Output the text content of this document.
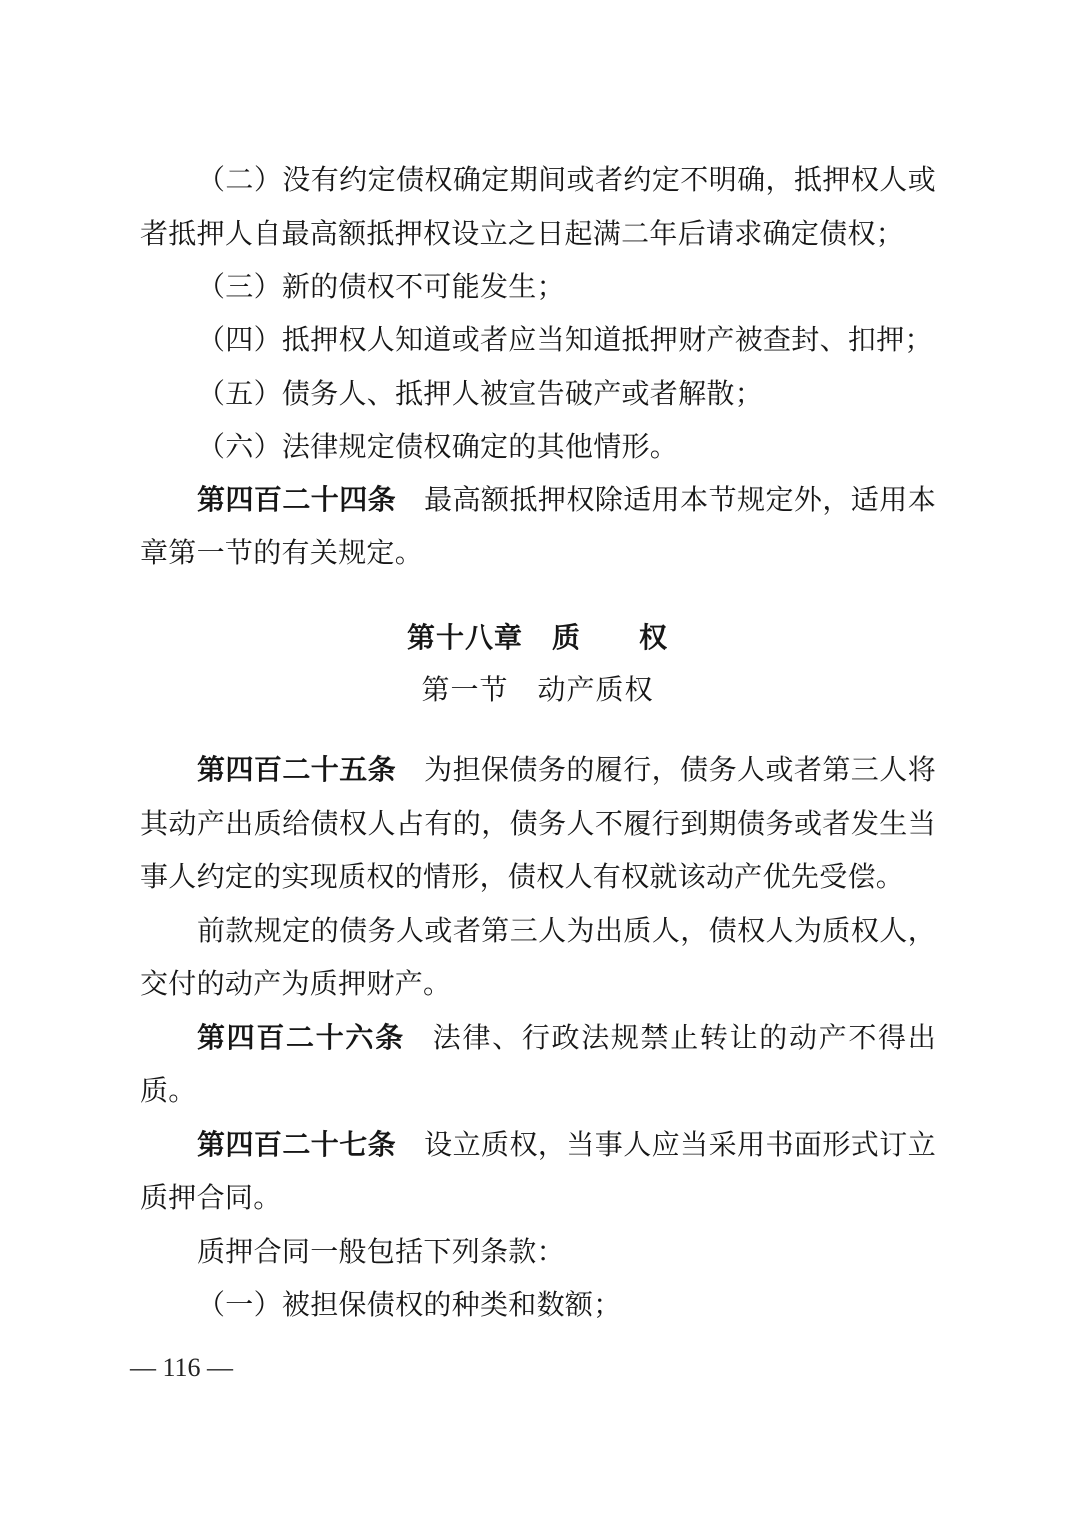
（二）没有约定债权确定期间或者约定不明确，抵押权人或
者抵押人自最高额抵押权设立之日起满二年后请求确定债权；
（三）新的债权不可能发生；
（四）抵押权人知道或者应当知道抵押财产被查封、扣押；
（五）债务人、抵押人被宣告破产或者解散；
（六）法律规定债权确定的其他情形。
第四百二十四条 最高额抵押权除适用本节规定外，适用本
章第一节的有关规定。
第十八章　质　　权
第一节　动产质权
第四百二十五条 为担保债务的履行，债务人或者第三人将
其动产出质给债权人占有的，债务人不履行到期债务或者发生当
事人约定的实现质权的情形，债权人有权就该动产优先受偿。
前款规定的债务人或者第三人为出质人，债权人为质权人，
交付的动产为质押财产。
第四百二十六条 法律、行政法规禁止转让的动产不得出
质。
第四百二十七条 设立质权，当事人应当采用书面形式订立
质押合同。
质押合同一般包括下列条款：
（一）被担保债权的种类和数额；
— 116 —
